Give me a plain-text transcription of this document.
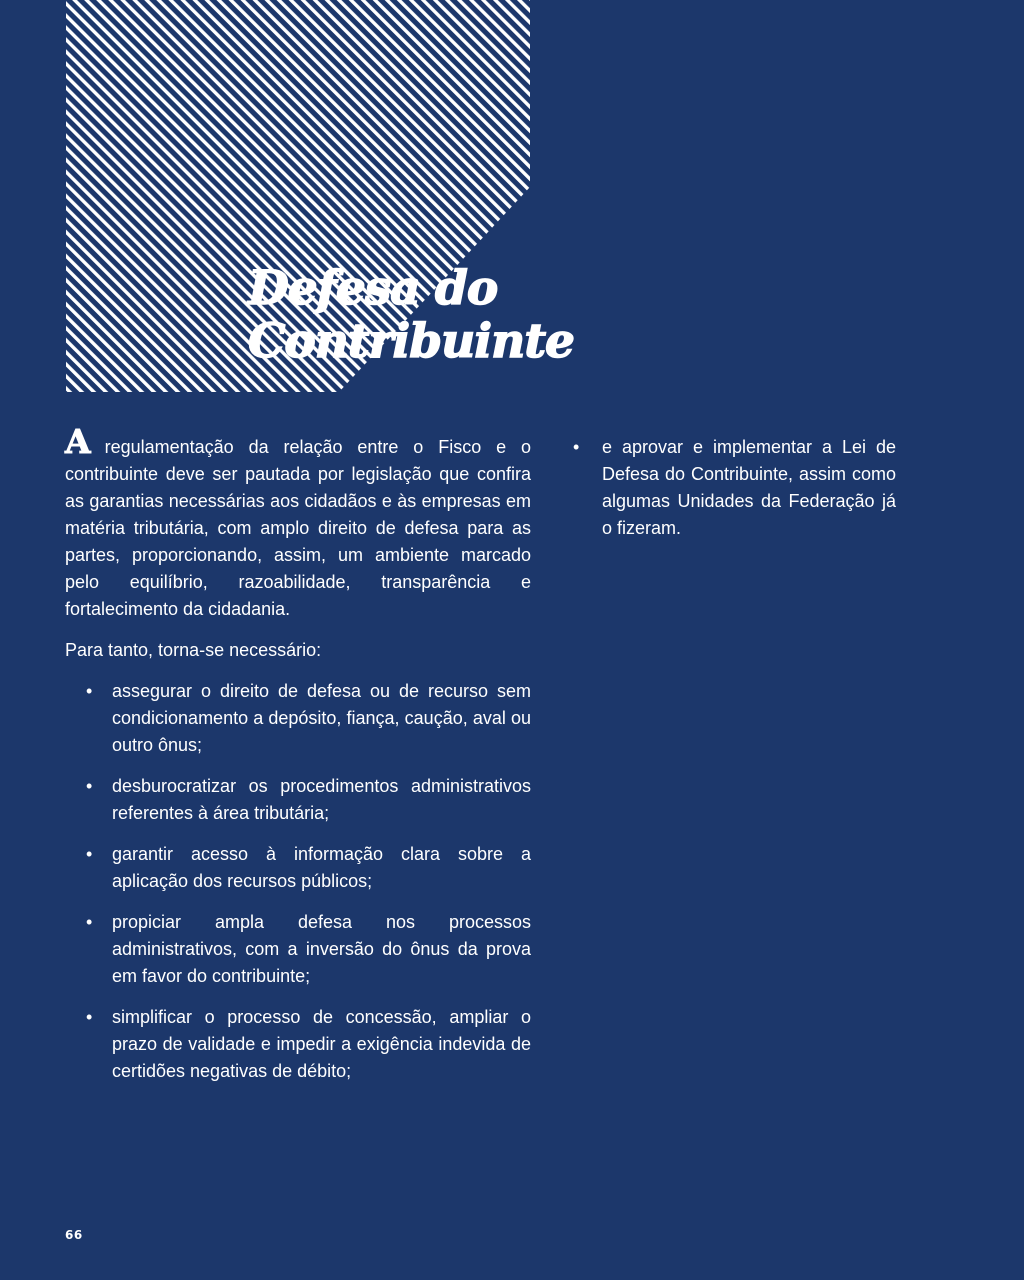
Defesa do
Contribuinte

Aregulamentação da relação entre o Fisco e o contribuinte deve ser pautada por legislação que confira as garantias necessárias aos cidadãos e às empresas em matéria tributária, com amplo direito de defesa para as partes, proporcionando, assim, um ambiente marcado pelo equilíbrio, razoabilidade, transparência e fortalecimento da cidadania.

Para tanto, torna-se necessário:

• assegurar o direito de defesa ou de recurso sem condicionamento a depósito, fiança, caução, aval ou outro ônus;
• desburocratizar os procedimentos administrativos referentes à área tributária;
• garantir acesso à informação clara sobre a aplicação dos recursos públicos;
• propiciar ampla defesa nos processos administrativos, com a inversão do ônus da prova em favor do contribuinte;
• simplificar o processo de concessão, ampliar o prazo de validade e impedir a exigência indevida de certidões negativas de débito;
• e aprovar e implementar a Lei de Defesa do Contribuinte, assim como algumas Unidades da Federação já o fizeram.
66
